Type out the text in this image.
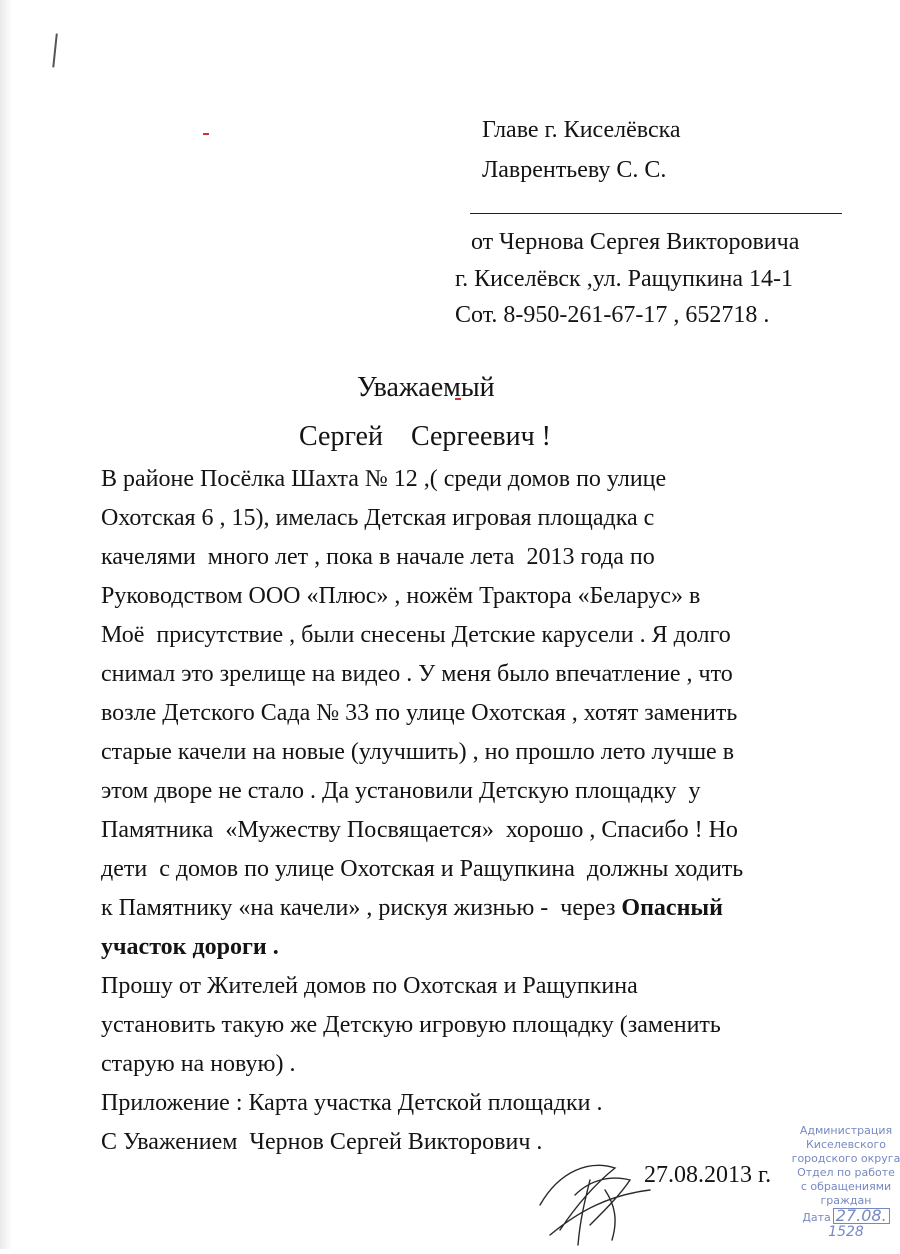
Главе г. Киселёвска
Лаврентьеву С. С.
от Чернова Сергея Викторовича
г. Киселёвск ,ул. Ращупкина 14-1
Сот. 8-950-261-67-17 , 652718 .
Уважаемый
Сергей    Сергеевич !
В районе Посёлка Шахта № 12 ,( среди домов по улице
Охотская 6 , 15), имелась Детская игровая площадка с
качелями  много лет , пока в начале лета  2013 года по
Руководством ООО «Плюс» , ножём Трактора «Беларус» в
Моё  присутствие , были снесены Детские карусели . Я долго
снимал это зрелище на видео . У меня было впечатление , что
возле Детского Сада № 33 по улице Охотская , хотят заменить
старые качели на новые (улучшить) , но прошло лето лучше в
этом дворе не стало . Да установили Детскую площадку  у
Памятника  «Мужеству Посвящается»  хорошо , Спасибо ! Но
дети  с домов по улице Охотская и Ращупкина  должны ходить
к Памятнику «на качели» , рискуя жизнью -  через Опасный
участок дороги .
Прошу от Жителей домов по Охотская и Ращупкина
установить такую же Детскую игровую площадку (заменить
старую на новую) .
Приложение : Карта участка Детской площадки .
С Уважением  Чернов Сергей Викторович .
27.08.2013 г.
Администрация
Киселевского
городского округа
Отдел по работе
с обращениями
граждан
Дата 27.08.
1528
